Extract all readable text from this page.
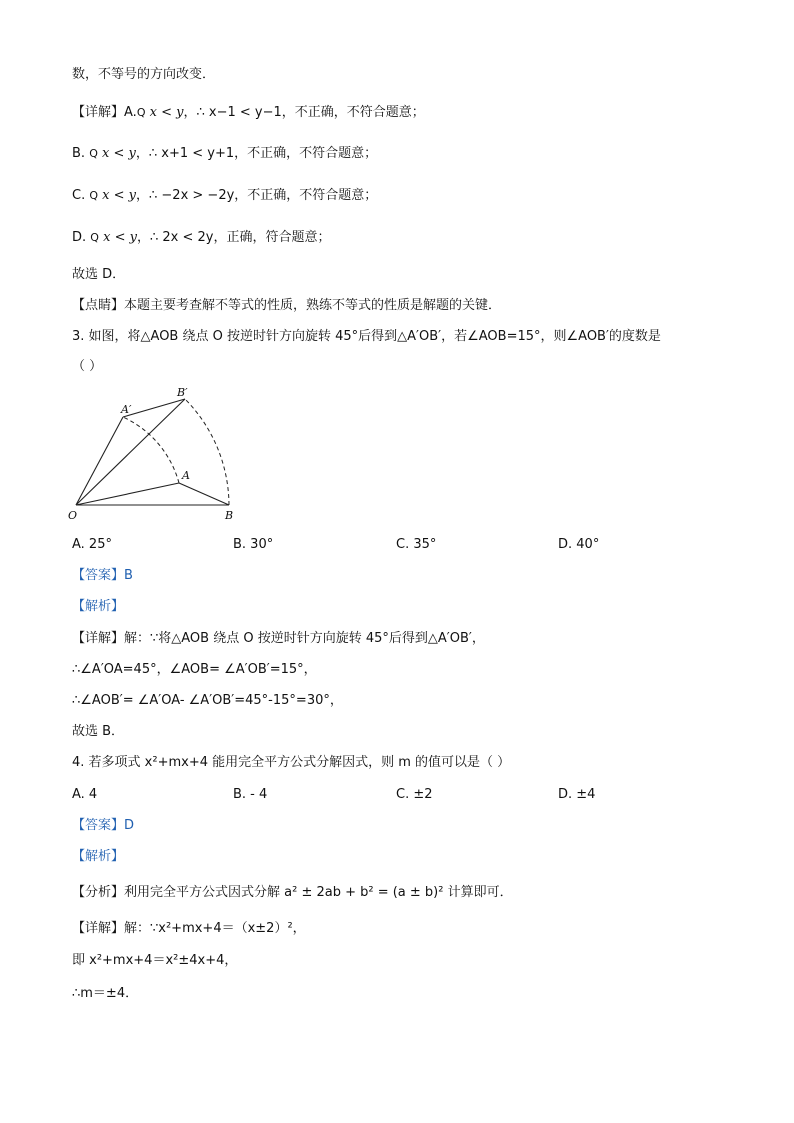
数，不等号的方向改变．
【详解】A.Q x < y，∴ x−1 < y−1，不正确，不符合题意；
B. Q x < y，∴ x+1 < y+1，不正确，不符合题意；
C. Q x < y，∴ −2x > −2y，不正确，不符合题意；
D. Q x < y，∴ 2x < 2y，正确，符合题意；
故选 D．
【点睛】本题主要考查解不等式的性质，熟练不等式的性质是解题的关键．
3. 如图，将△AOB 绕点 O 按逆时针方向旋转 45°后得到△A′OB′，若∠AOB=15°，则∠AOB′的度数是
（ ）
O	B
A
A′
B′
A. 25°	B. 30°	C. 35°	D. 40°
【答案】B
【解析】
【详解】解：∵将△AOB 绕点 O 按逆时针方向旋转 45°后得到△A′OB′，
∴∠A′OA=45°，∠AOB= ∠A′OB′=15°，
∴∠AOB′= ∠A′OA- ∠A′OB′=45°-15°=30°，
故选 B．
4. 若多项式 x²+mx+4 能用完全平方公式分解因式，则 m 的值可以是（ ）
A. 4	B. - 4	C. ±2	D. ±4
【答案】D
【解析】
【分析】利用完全平方公式因式分解 a² ± 2ab + b² = (a ± b)² 计算即可．
【详解】解：∵x²+mx+4＝（x±2）²，
即 x²+mx+4＝x²±4x+4，
∴m＝±4．
